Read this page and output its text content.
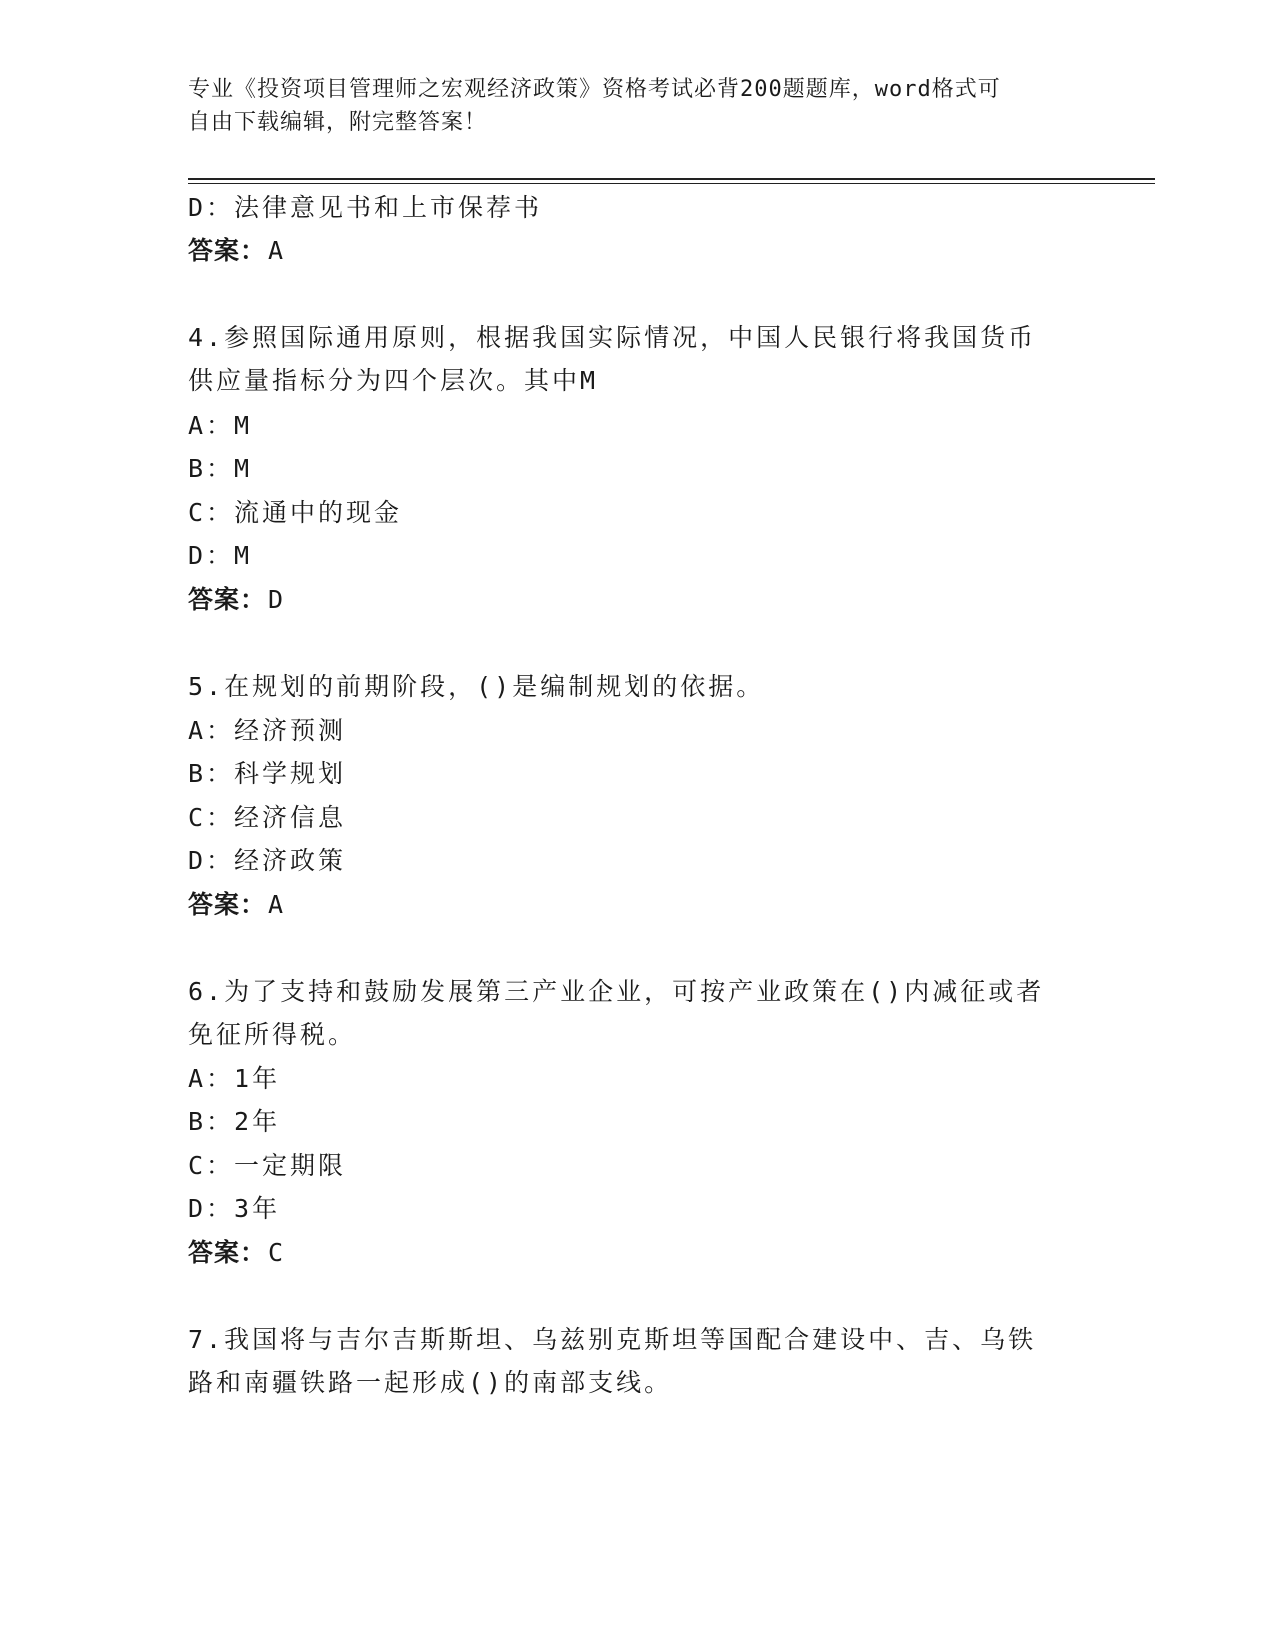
专业《投资项目管理师之宏观经济政策》资格考试必背200题题库，word格式可
自由下载编辑，附完整答案！
D：法律意见书和上市保荐书
答案：A
4.参照国际通用原则，根据我国实际情况，中国人民银行将我国货币
供应量指标分为四个层次。其中M
A：M
B：M
C：流通中的现金
D：M
答案：D
5.在规划的前期阶段，()是编制规划的依据。
A：经济预测
B：科学规划
C：经济信息
D：经济政策
答案：A
6.为了支持和鼓励发展第三产业企业，可按产业政策在()内减征或者
免征所得税。
A：1年
B：2年
C：一定期限
D：3年
答案：C
7.我国将与吉尔吉斯斯坦、乌兹别克斯坦等国配合建设中、吉、乌铁
路和南疆铁路一起形成()的南部支线。
